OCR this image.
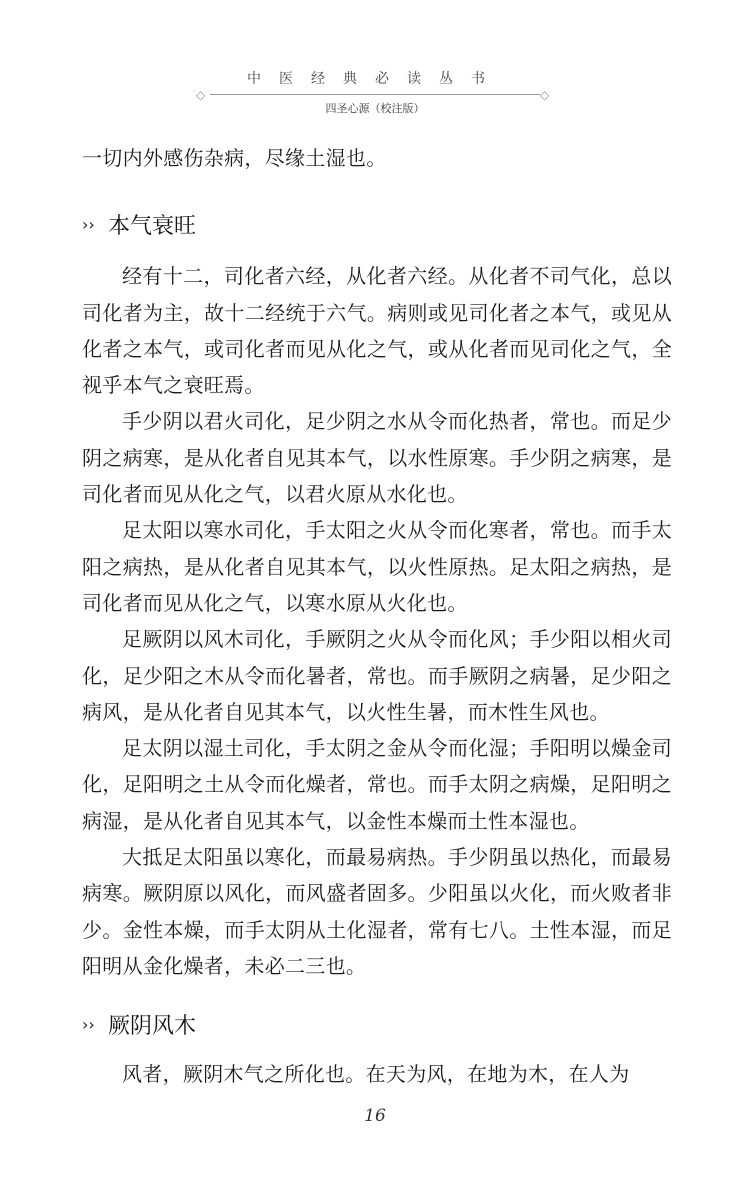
中医经典必读丛书
◇	◇
四圣心源（校注版）

一切内外感伤杂病，尽缘土湿也。

›› 本气衰旺

经有十二，司化者六经，从化者六经。从化者不司气化，总以司化者为主，故十二经统于六气。病则或见司化者之本气，或见从化者之本气，或司化者而见从化之气，或从化者而见司化之气，全视乎本气之衰旺焉。

手少阴以君火司化，足少阴之水从令而化热者，常也。而足少阴之病寒，是从化者自见其本气，以水性原寒。手少阴之病寒，是司化者而见从化之气，以君火原从水化也。

足太阳以寒水司化，手太阳之火从令而化寒者，常也。而手太阳之病热，是从化者自见其本气，以火性原热。足太阳之病热，是司化者而见从化之气，以寒水原从火化也。

足厥阴以风木司化，手厥阴之火从令而化风；手少阳以相火司化，足少阳之木从令而化暑者，常也。而手厥阴之病暑，足少阳之病风，是从化者自见其本气，以火性生暑，而木性生风也。

足太阴以湿土司化，手太阴之金从令而化湿；手阳明以燥金司化，足阳明之土从令而化燥者，常也。而手太阴之病燥，足阳明之病湿，是从化者自见其本气，以金性本燥而土性本湿也。

大抵足太阳虽以寒化，而最易病热。手少阴虽以热化，而最易病寒。厥阴原以风化，而风盛者固多。少阳虽以火化，而火败者非少。金性本燥，而手太阴从土化湿者，常有七八。土性本湿，而足阳明从金化燥者，未必二三也。

›› 厥阴风木

风者，厥阴木气之所化也。在天为风，在地为木，在人为

16
